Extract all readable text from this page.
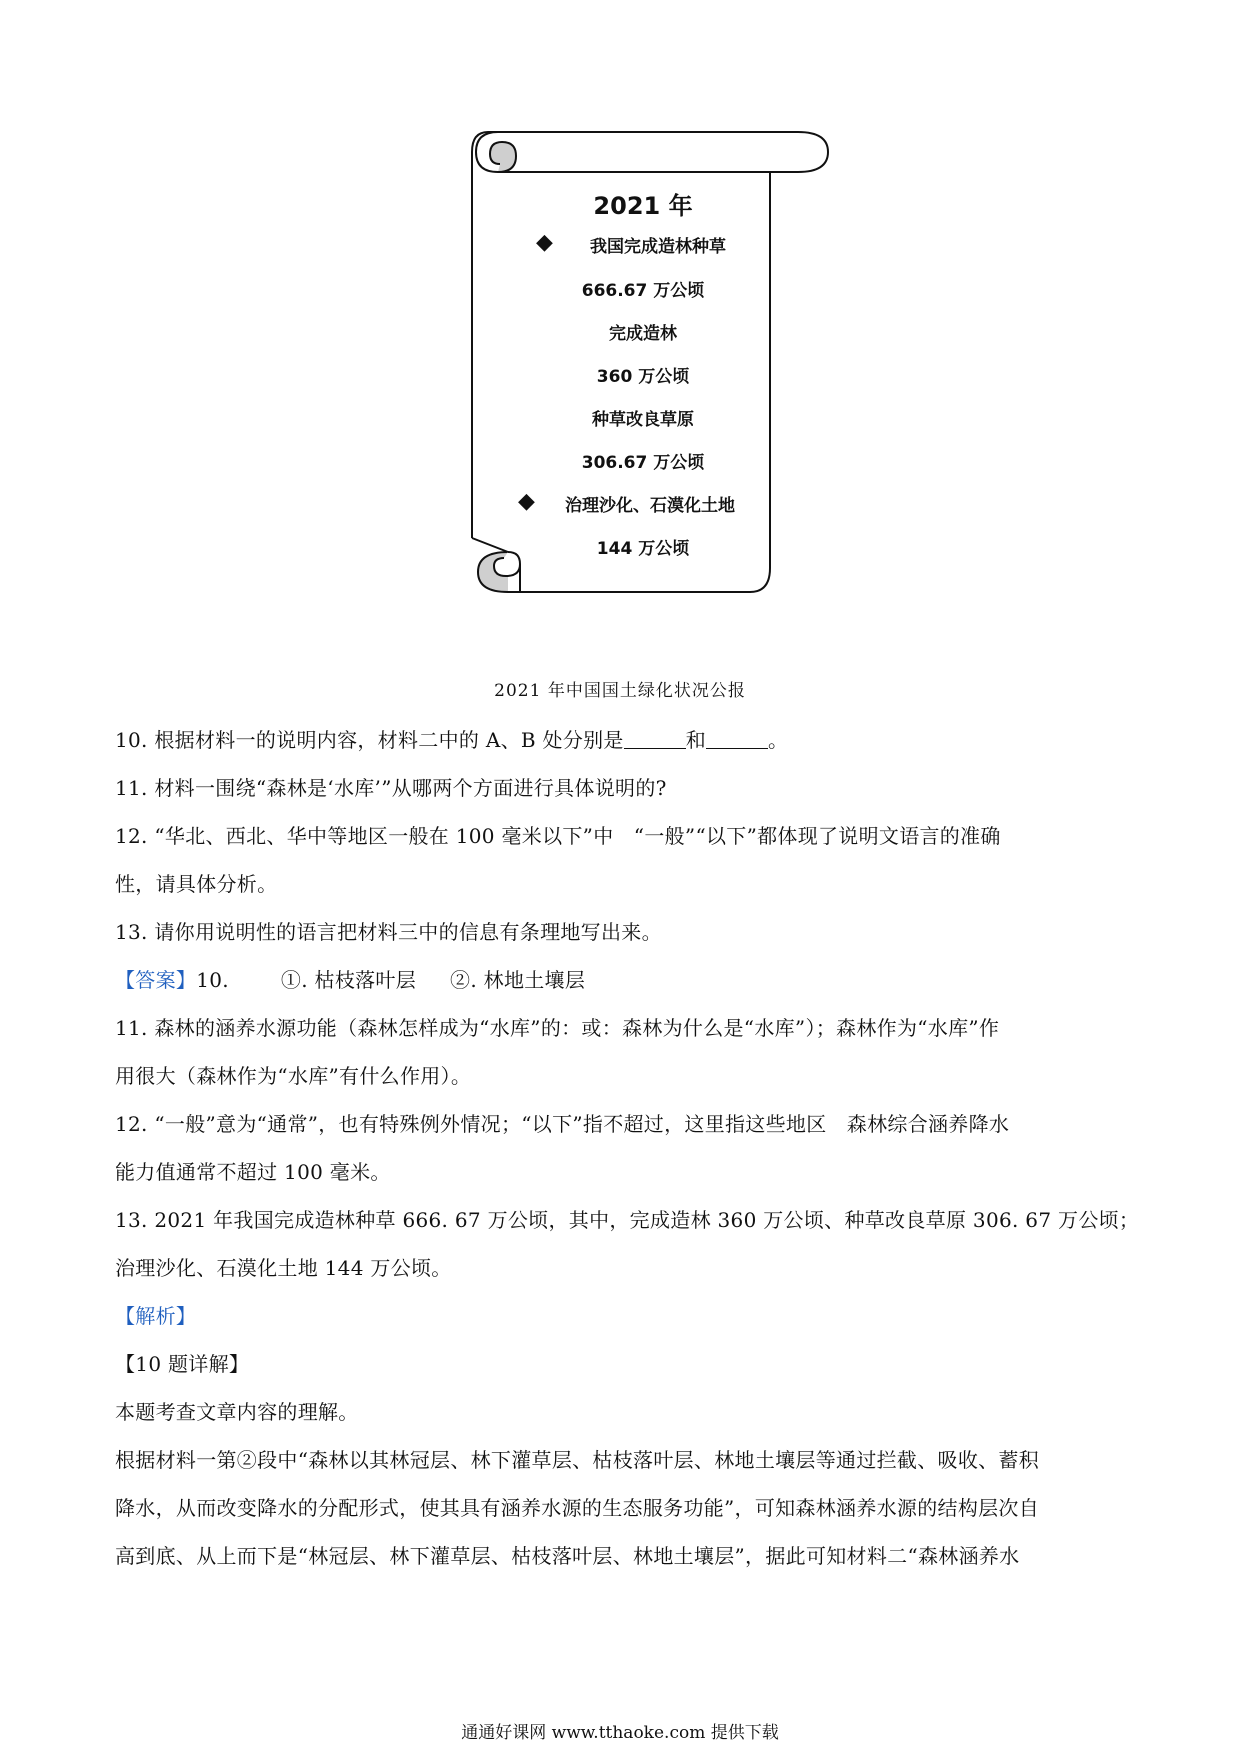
2021 年
◆	我国完成造林种草
666.67 万公顷
完成造林
360 万公顷
种草改良草原
306.67 万公顷
◆	治理沙化、石漠化土地
144 万公顷
2021 年中国国土绿化状况公报
10. 根据材料一的说明内容，材料二中的 A、B 处分别是	和	。
11. 材料一围绕“森林是‘水库’”从哪两个方面进行具体说明的?
12. “华北、西北、华中等地区一般在 100 毫米以下”中　“一般”“以下”都体现了说明文语言的准确
性，请具体分析。
13. 请你用说明性的语言把材料三中的信息有条理地写出来。
【答案】10.	①. 枯枝落叶层 ②. 林地土壤层
11. 森林的涵养水源功能（森林怎样成为“水库”的：或：森林为什么是“水库”）；森林作为“水库”作
用很大（森林作为“水库”有什么作用）。
12. “一般”意为“通常”，也有特殊例外情况；“以下”指不超过，这里指这些地区　森林综合涵养降水
能力值通常不超过 100 毫米。
13. 2021 年我国完成造林种草 666. 67 万公顷，其中，完成造林 360 万公顷、种草改良草原 306. 67 万公顷；
治理沙化、石漠化土地 144 万公顷。
【解析】
【10 题详解】
本题考查文章内容的理解。
根据材料一第②段中“森林以其林冠层、林下灌草层、枯枝落叶层、林地土壤层等通过拦截、吸收、蓄积
降水，从而改变降水的分配形式，使其具有涵养水源的生态服务功能”，可知森林涵养水源的结构层次自
高到底、从上而下是“林冠层、林下灌草层、枯枝落叶层、林地土壤层”，据此可知材料二“森林涵养水
通通好课网 www.tthaoke.com 提供下载
